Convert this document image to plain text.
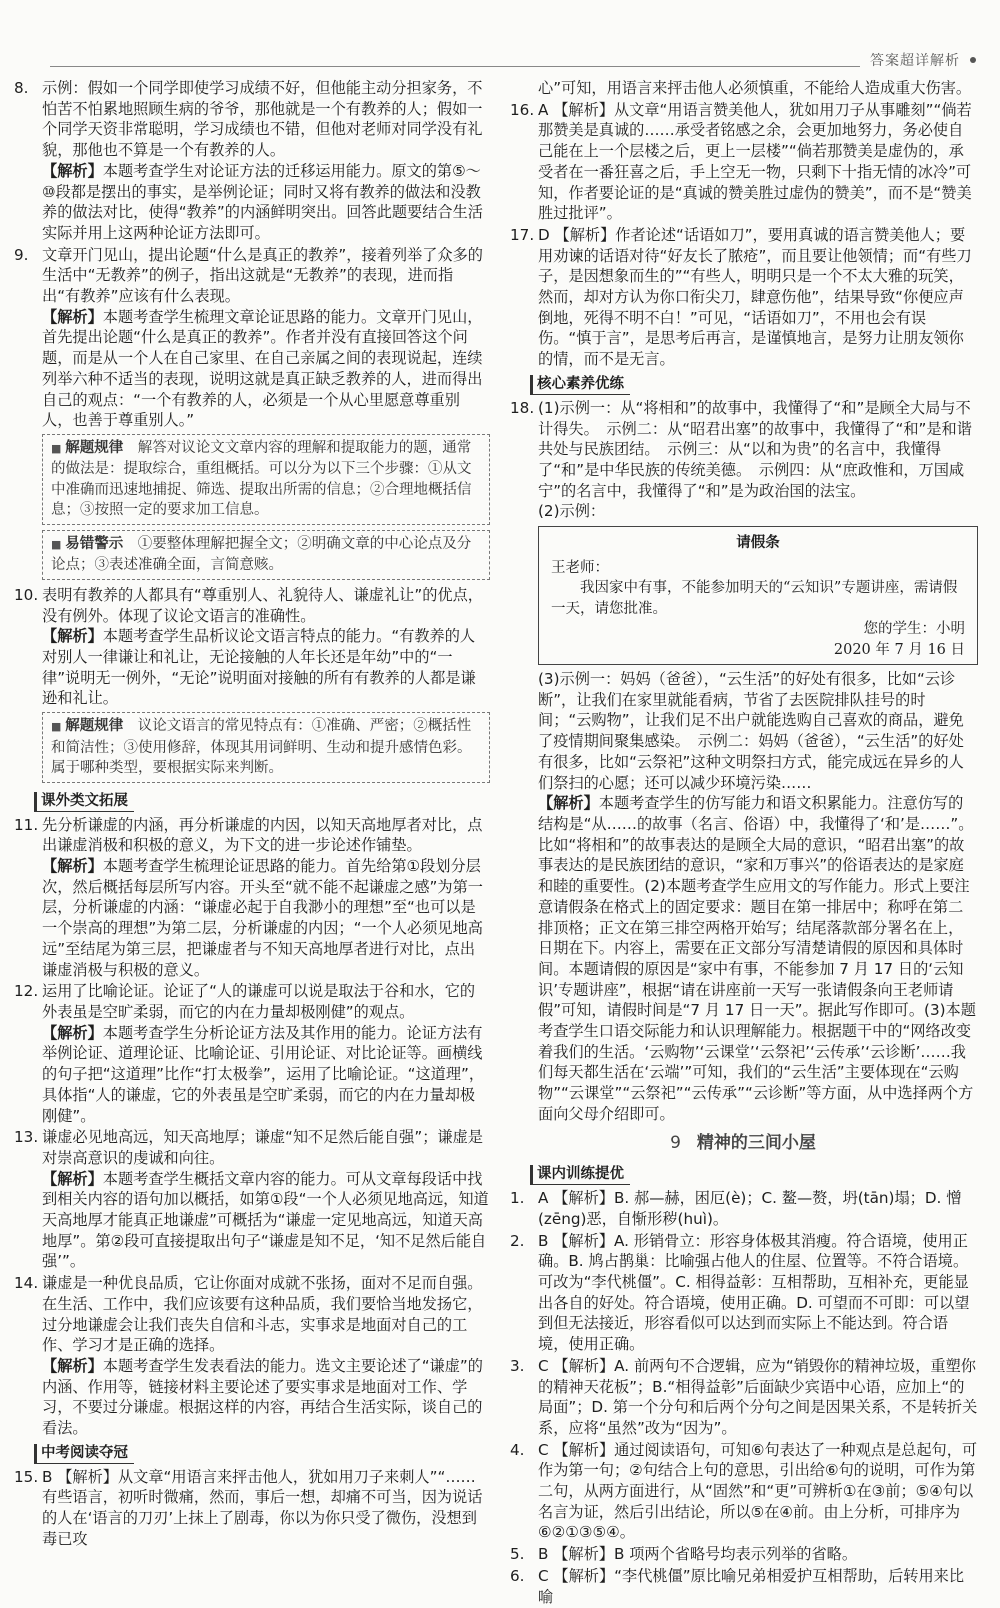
答案超详解析
8. 示例：假如一个同学即使学习成绩不好，但他能主动分担家务，不怕苦不怕累地照顾生病的爷爷，那他就是一个有教养的人；假如一个同学天资非常聪明，学习成绩也不错，但他对老师对同学没有礼貌，那他也不算是一个有教养的人。

【解析】本题考查学生对论证方法的迁移运用能力。原文的第⑤～⑩段都是摆出的事实，是举例论证；同时又将有教养的做法和没教养的做法对比，使得“教养”的内涵鲜明突出。回答此题要结合生活实际并用上这两种论证方法即可。

9. 文章开门见山，提出论题“什么是真正的教养”，接着列举了众多的生活中“无教养”的例子，指出这就是“无教养”的表现，进而指出“有教养”应该有什么表现。

【解析】本题考查学生梳理文章论证思路的能力。文章开门见山，首先提出论题“什么是真正的教养”。作者并没有直接回答这个问题，而是从一个人在自己家里、在自己亲属之间的表现说起，连续列举六种不适当的表现，说明这就是真正缺乏教养的人，进而得出自己的观点：“一个有教养的人，必须是一个从心里愿意尊重别人，也善于尊重别人。”

■ 解题规律　 解答对议论文文章内容的理解和提取能力的题，通常的做法是：提取综合，重组概括。可以分为以下三个步骤：①从文中准确而迅速地捕捉、筛选、提取出所需的信息；②合理地概括信息；③按照一定的要求加工信息。
■ 易错警示　 ①要整体理解把握全文；②明确文章的中心论点及分论点；③表述准确全面，言简意赅。
10. 表明有教养的人都具有“尊重别人、礼貌待人、谦虚礼让”的优点，没有例外。体现了议论文语言的准确性。

【解析】本题考查学生品析议论文语言特点的能力。“有教养的人对别人一律谦让和礼让，无论接触的人年长还是年幼”中的“一律”说明无一例外，“无论”说明面对接触的所有有教养的人都是谦逊和礼让。

■ 解题规律　 议论文语言的常见特点有：①准确、严密；②概括性和简洁性；③使用修辞，体现其用词鲜明、生动和提升感情色彩。属于哪种类型，要根据实际来判断。
课外类文拓展
11. 先分析谦虚的内涵，再分析谦虚的内因，以知天高地厚者对比，点出谦虚消极和积极的意义，为下文的进一步论述作铺垫。

【解析】本题考查学生梳理论证思路的能力。首先给第①段划分层次，然后概括每层所写内容。开头至“就不能不起谦虚之感”为第一层，分析谦虚的内涵：“谦虚必起于自我渺小的理想”至“也可以是一个崇高的理想”为第二层，分析谦虚的内因；“一个人必须见地高远”至结尾为第三层，把谦虚者与不知天高地厚者进行对比，点出谦虚消极与积极的意义。

12. 运用了比喻论证。论证了“人的谦虚可以说是取法于谷和水，它的外表虽是空旷柔弱，而它的内在力量却极刚健”的观点。

【解析】本题考查学生分析论证方法及其作用的能力。论证方法有举例论证、道理论证、比喻论证、引用论证、对比论证等。画横线的句子把“这道理”比作“打太极拳”，运用了比喻论证。“这道理”，具体指“人的谦虚，它的外表虽是空旷柔弱，而它的内在力量却极刚健”。

13. 谦虚必见地高远，知天高地厚；谦虚“知不足然后能自强”；谦虚是对崇高意识的虔诚和向往。

【解析】本题考查学生概括文章内容的能力。可从文章每段话中找到相关内容的语句加以概括，如第①段“一个人必须见地高远，知道天高地厚才能真正地谦虚”可概括为“谦虚一定见地高远，知道天高地厚”。第②段可直接提取出句子“谦虚是知不足，‘知不足然后能自强’”。

14. 谦虚是一种优良品质，它让你面对成就不张扬，面对不足而自强。在生活、工作中，我们应该要有这种品质，我们要恰当地发扬它，过分地谦虚会让我们丧失自信和斗志，实事求是地面对自己的工作、学习才是正确的选择。

【解析】本题考查学生发表看法的能力。选文主要论述了“谦虚”的内涵、作用等，链接材料主要论述了要实事求是地面对工作、学习，不要过分谦虚。根据这样的内容，再结合生活实际，谈自己的看法。

中考阅读夺冠
15. B 【解析】从文章“用语言来抨击他人，犹如用刀子来刺人”“……有些语言，初听时微痛，然而，事后一想，却痛不可当，因为说话的人在‘语言的刀刃’上抹上了剧毒，你以为你只受了微伤，没想到毒已攻

心”可知，用语言来抨击他人必须慎重，不能给人造成重大伤害。

16. A 【解析】从文章“用语言赞美他人，犹如用刀子从事雕刻”“倘若那赞美是真诚的……承受者铭感之余，会更加地努力，务必使自己能在上一个层楼之后，更上一层楼”“倘若那赞美是虚伪的，承受者在一番狂喜之后，手上空无一物，只剩下十指无情的冰冷”可知，作者要论证的是“真诚的赞美胜过虚伪的赞美”，而不是“赞美胜过批评”。

17. D 【解析】作者论述“话语如刀”，要用真诚的语言赞美他人；要用劝谏的话语对待“好友长了脓疮”，而且要让他领情；而“有些刀子，是因想象而生的”“有些人，明明只是一个不太大雅的玩笑，然而，却对方认为你口衔尖刀，肆意伤他”，结果导致“你便应声倒地，死得不明不白！”可见，“话语如刀”，不用也会有误伤。“慎于言”，是思考后再言，是谨慎地言，是努力让朋友领你的情，而不是无言。

核心素养优练
18. (1)示例一：从“将相和”的故事中，我懂得了“和”是顾全大局与不计得失。　示例二：从“昭君出塞”的故事中，我懂得了“和”是和谐共处与民族团结。　示例三：从“以和为贵”的名言中，我懂得了“和”是中华民族的传统美德。　示例四：从“庶政惟和，万国咸宁”的名言中，我懂得了“和”是为政治国的法宝。

(2)示例：

请假条

王老师：

我因家中有事，不能参加明天的“云知识”专题讲座，需请假一天，请您批准。

您的学生：小明

2020 年 7 月 16 日

(3)示例一：妈妈（爸爸），“云生活”的好处有很多，比如“云诊断”，让我们在家里就能看病，节省了去医院排队挂号的时间；“云购物”，让我们足不出户就能选购自己喜欢的商品，避免了疫情期间聚集感染。　示例二：妈妈（爸爸），“云生活”的好处有很多，比如“云祭祀”这种文明祭扫方式，能完成远在异乡的人们祭扫的心愿；还可以减少环境污染……

【解析】本题考查学生的仿写能力和语文积累能力。注意仿写的结构是“从……的故事（名言、俗语）中，我懂得了‘和’是……”。比如“将相和”的故事表达的是顾全大局的意识，“昭君出塞”的故事表达的是民族团结的意识，“家和万事兴”的俗语表达的是家庭和睦的重要性。(2)本题考查学生应用文的写作能力。形式上要注意请假条在格式上的固定要求：题目在第一排居中；称呼在第二排顶格；正文在第三排空两格开始写；结尾落款部分署名在上，日期在下。内容上，需要在正文部分写清楚请假的原因和具体时间。本题请假的原因是“家中有事，不能参加 7 月 17 日的‘云知识’专题讲座”，根据“请在讲座前一天写一张请假条向王老师请假”可知，请假时间是“7 月 17 日一天”。据此写作即可。(3)本题考查学生口语交际能力和认识理解能力。根据题干中的“网络改变着我们的生活。‘云购物’‘云课堂’‘云祭祀’‘云传承’‘云诊断’……我们每天都生活在‘云端’”可知，我们的“云生活”主要体现在“云购物”“云课堂”“云祭祀”“云传承”“云诊断”等方面，从中选择两个方面向父母介绍即可。

9 精神的三间小屋
课内训练提优
1. A 【解析】B. 郝—赫，困厄(è)；C. 鳌—赘，坍(tān)塌；D. 憎(zēng)恶，自惭形秽(huì)。

2. B 【解析】A. 形销骨立：形容身体极其消瘦。符合语境，使用正确。B. 鸠占鹊巢：比喻强占他人的住屋、位置等。不符合语境。可改为“李代桃僵”。C. 相得益彰：互相帮助，互相补充，更能显出各自的好处。符合语境，使用正确。D. 可望而不可即：可以望到但无法接近，形容看似可以达到而实际上不能达到。符合语境，使用正确。

3. C 【解析】A. 前两句不合逻辑，应为“销毁你的精神垃圾，重塑你的精神天花板”；B.“相得益彰”后面缺少宾语中心语，应加上“的局面”；D. 第一个分句和后两个分句之间是因果关系，不是转折关系，应将“虽然”改为“因为”。

4. C 【解析】通过阅读语句，可知⑥句表达了一种观点是总起句，可作为第一句；②句结合上句的意思，引出给⑥句的说明，可作为第二句，从两方面进行，从“固然”和“更”可辨析①在③前；⑤④句以名言为证，然后引出结论，所以⑤在④前。由上分析，可排序为⑥②①③⑤④。

5. B 【解析】B 项两个省略号均表示列举的省略。

6. C 【解析】“李代桃僵”原比喻兄弟相爱护互相帮助，后转用来比喻
